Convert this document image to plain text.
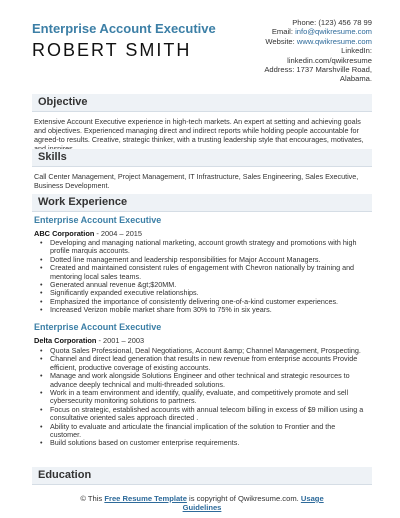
Enterprise Account Executive
ROBERT SMITH
Phone: (123) 456 78 99
Email: info@qwikresume.com
Website: www.qwikresume.com
LinkedIn:
linkedin.com/qwikresume
Address: 1737 Marshville Road,
Alabama.
Objective
Extensive Account Executive experience in high-tech markets. An expert at setting and achieving goals and objectives. Experienced managing direct and indirect reports while holding people accountable for agreed-to results. Creative, strategic thinker, with a trusting leadership style that encourages, motivates,
Skills
Call Center Management, Project Management, IT Infrastructure, Sales Engineering, Sales Executive, Business Development.
Work Experience
Enterprise Account Executive
ABC Corporation - 2004 – 2015
• Developing and managing national marketing, account growth strategy and promotions with high profile marquis accounts.
• Dotted line management and leadership responsibilities for Major Account Managers.
• Created and maintained consistent rules of engagement with Chevron nationally by training and mentoring local sales teams.
• Generated annual revenue &gt;$20MM.
• Significantly expanded executive relationships.
• Emphasized the importance of consistently delivering one-of-a-kind customer experiences.
• Increased Verizon mobile market share from 30% to 75% in six years.
Enterprise Account Executive
Delta Corporation - 2001 – 2003
• Quota Sales Professional, Deal Negotiations, Account &amp; Channel Management, Prospecting.
• Channel and direct lead generation that results in new revenue from enterprise accounts Provide efficient, productive coverage of existing accounts.
• Manage and work alongside Solutions Engineer and other technical and strategic resources to advance deeply technical and multi-threaded solutions.
• Work in a team environment and identify, qualify, evaluate, and competitively promote and sell cybersecurity monitoring solutions to partners.
• Focus on strategic, established accounts with annual telecom billing in excess of $9 million using a consultative oriented sales approach directed .
• Ability to evaluate and articulate the financial implication of the solution to Frontier and the customer.
• Build solutions based on customer enterprise requirements.
Education
© This Free Resume Template is copyright of Qwikresume.com. Usage
Guidelines
